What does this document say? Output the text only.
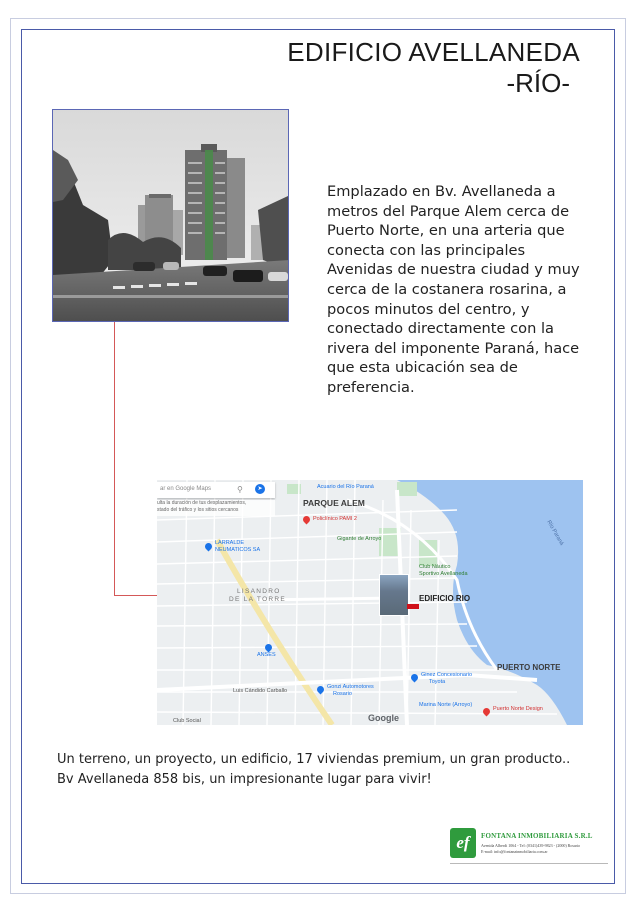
EDIFICIO AVELLANEDA
-RÍO-
Emplazado en Bv. Avellaneda a
metros del Parque Alem cerca de
Puerto Norte, en una arteria que
conecta con las principales
Avenidas de nuestra ciudad y muy
cerca de la costanera rosarina, a
pocos minutos del centro, y
conectado directamente con la
rivera del imponente Paraná, hace
que esta ubicación sea de
preferencia.
ar en Google Maps	⚲	➤
ulta la duración de tus desplazamientos,
stado del tráfico y los sitios cercanos
PARQUE ALEM
EDIFICIO RIO
PUERTO NORTE
LISANDRO
DE LA TORRE
Acuario del Río Paraná
Policlínico PAMI 2
LARRALDE
NEUMATICOS SA
Gigante de Arroyo
Club Náutico
Sportivo Avellaneda
Río Paraná
ANSES
Gonzi Automotores
Rosario
Ginez Concesionario
Toyota
Marina Norte (Arroyo)
Puerto Norte Design
Club Social
Luis Cándido Carballo
Google
Un terreno, un proyecto, un edificio, 17 viviendas premium, un gran producto..
Bv Avellaneda 858 bis, un impresionante lugar para vivir!
ef	FONTANA INMOBILIARIA S.R.L
Avenida Alberdi 1064 - Tel: (0341)439-9823 - (2000) Rosario
E-mail: info@fontanainmobiliaria.com.ar
